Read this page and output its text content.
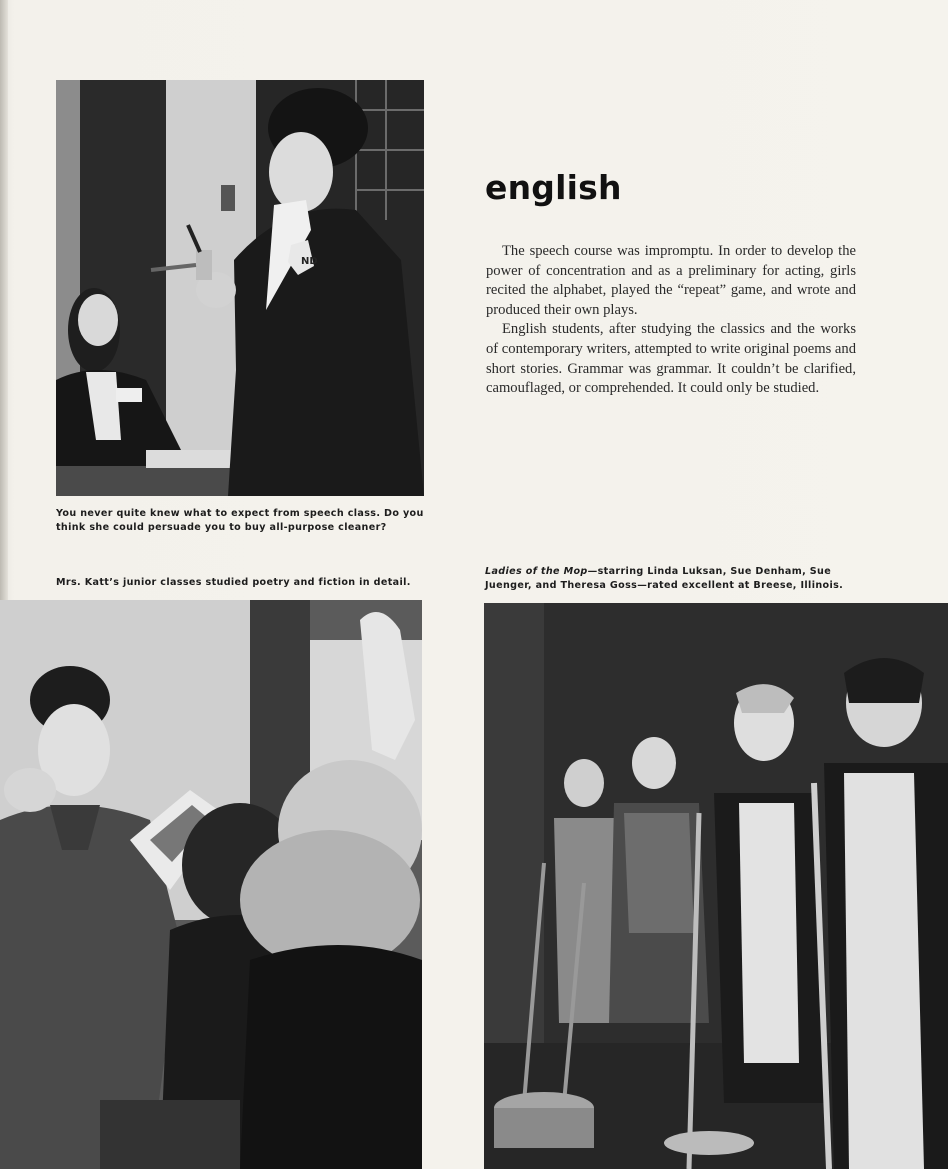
ND
english

The speech course was impromptu. In order to develop the power of concentration and as a preliminary for acting, girls recited the alphabet, played the “repeat” game, and wrote and produced their own plays.

English students, after studying the classics and the works of contemporary writers, attempted to write original poems and short stories. Grammar was grammar. It couldn’t be clarified, camouflaged, or comprehended. It could only be studied.

You never quite knew what to expect from speech class. Do you think she could persuade you to buy all-purpose cleaner?
Mrs. Katt’s junior classes studied poetry and fiction in detail.
Ladies of the Mop—starring Linda Luksan, Sue Denham, Sue Juenger, and Theresa Goss—rated excellent at Breese, Illinois.
